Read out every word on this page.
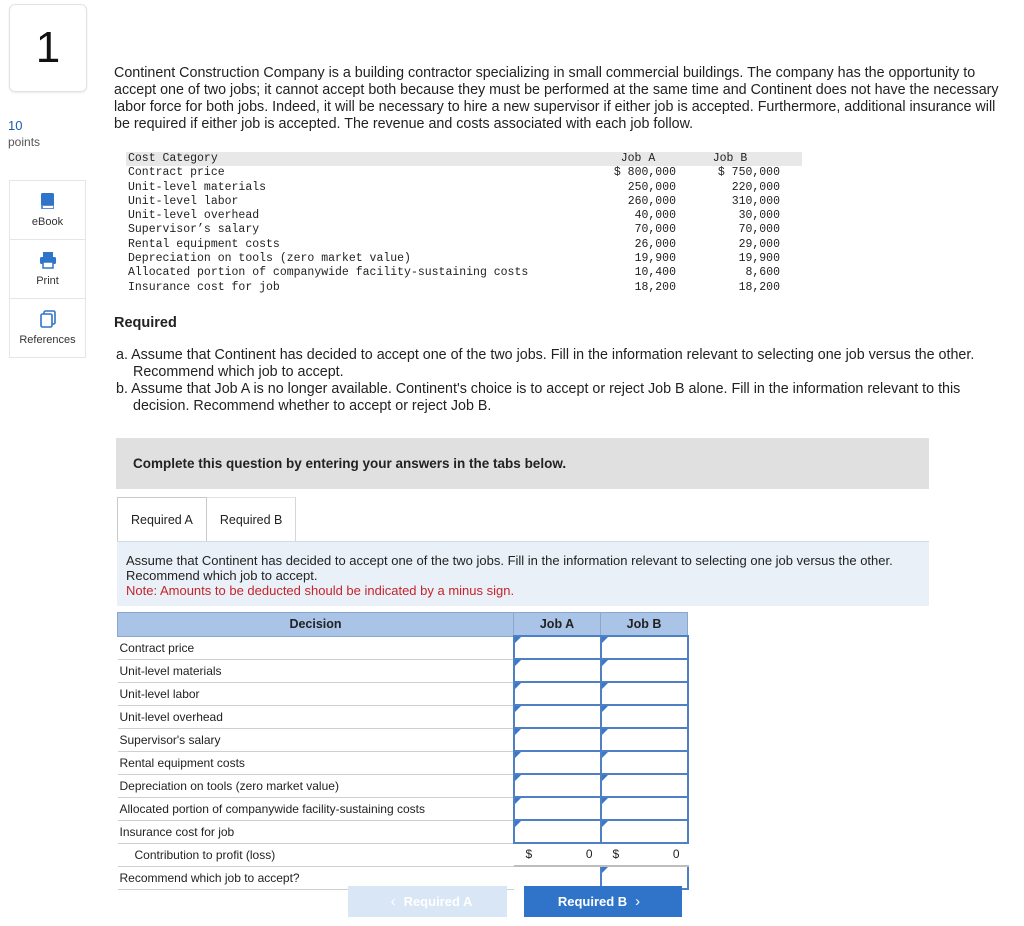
1
10
points
eBook
Print
References
Continent Construction Company is a building contractor specializing in small commercial buildings. The company has the opportunity to accept one of two jobs; it cannot accept both because they must be performed at the same time and Continent does not have the necessary labor force for both jobs. Indeed, it will be necessary to hire a new supervisor if either job is accepted. Furthermore, additional insurance will be required if either job is accepted. The revenue and costs associated with each job follow.
Cost Category	Job A	Job B
Contract price	$ 800,000	$ 750,000
Unit-level materials	250,000	220,000
Unit-level labor	260,000	310,000
Unit-level overhead	40,000	30,000
Supervisor’s salary	70,000	70,000
Rental equipment costs	26,000	29,000
Depreciation on tools (zero market value)	19,900	19,900
Allocated portion of companywide facility-sustaining costs	10,400	8,600
Insurance cost for job	18,200	18,200
Required

a. Assume that Continent has decided to accept one of the two jobs. Fill in the information relevant to selecting one job versus the other. Recommend which job to accept.

b. Assume that Job A is no longer available. Continent's choice is to accept or reject Job B alone. Fill in the information relevant to this decision. Recommend whether to accept or reject Job B.

Complete this question by entering your answers in the tabs below.
Required A	Required B
Assume that Continent has decided to accept one of the two jobs. Fill in the information relevant to selecting one job versus the other. Recommend which job to accept.
Note: Amounts to be deducted should be indicated by a minus sign.
Decision	Job A	Job B
Contract price		
Unit-level materials		
Unit-level labor		
Unit-level overhead		
Supervisor's salary		
Rental equipment costs		
Depreciation on tools (zero market value)		
Allocated portion of companywide facility-sustaining costs		
Insurance cost for job		
Contribution to profit (loss)	$ 0	$ 0

Recommend which job to accept?		
‹ Required A	Required B ›
